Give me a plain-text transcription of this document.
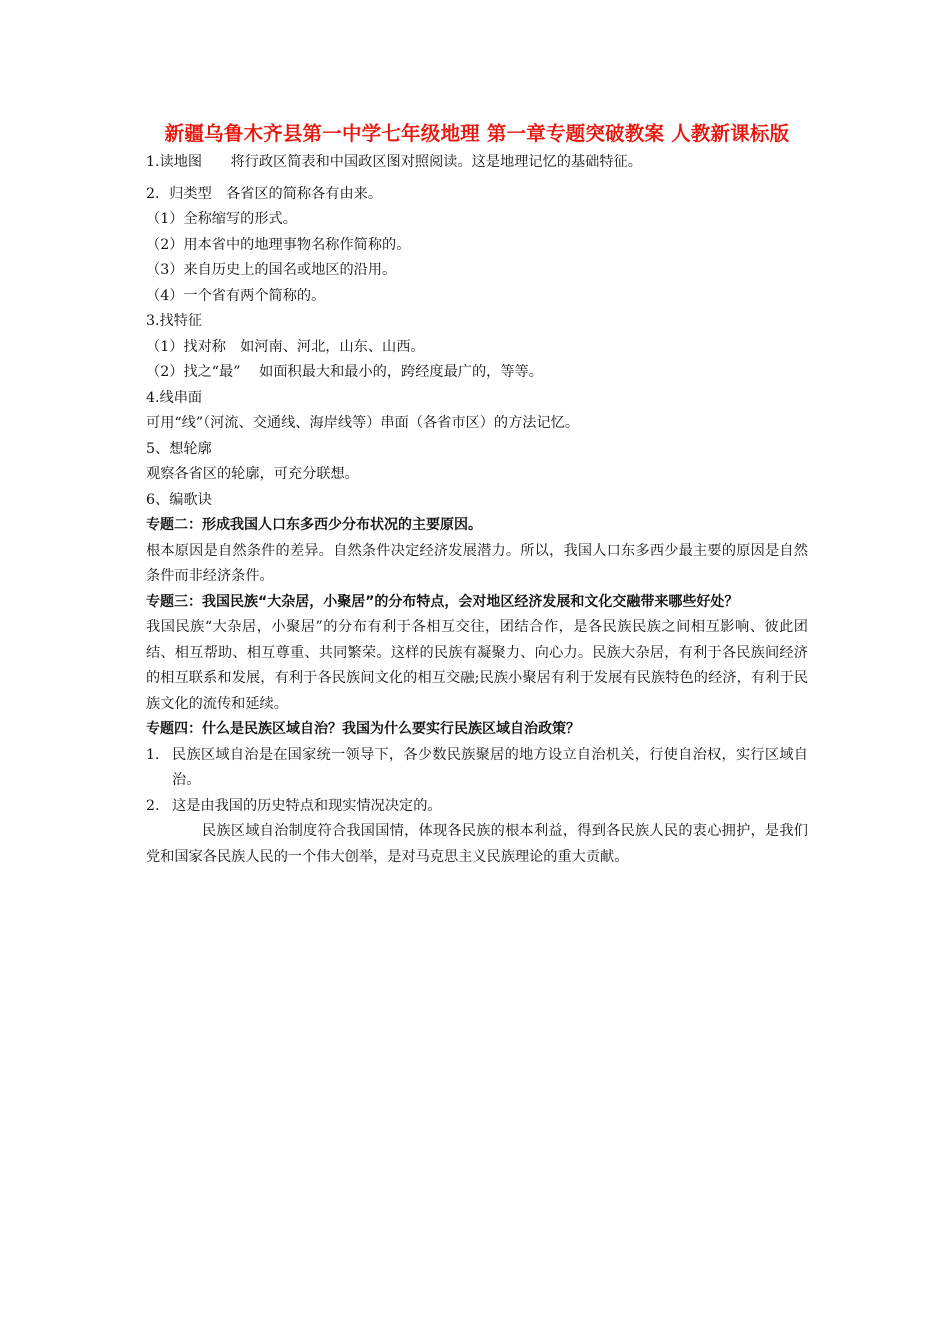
新疆乌鲁木齐县第一中学七年级地理 第一章专题突破教案 人教新课标版

1.读地图　　将行政区简表和中国政区图对照阅读。这是地理记忆的基础特征。

2．归类型　各省区的简称各有由来。

（1）全称缩写的形式。

（2）用本省中的地理事物名称作简称的。

（3）来自历史上的国名或地区的沿用。

（4）一个省有两个简称的。

3.找特征

（1）找对称　如河南、河北，山东、山西。

（2）找之“最”　 如面积最大和最小的，跨经度最广的，等等。

4.线串面

可用“线”（河流、交通线、海岸线等）串面（各省市区）的方法记忆。

5、想轮廓

观察各省区的轮廓，可充分联想。

6、编歌诀

专题二：形成我国人口东多西少分布状况的主要原因。

根本原因是自然条件的差异。自然条件决定经济发展潜力。所以，我国人口东多西少最主要的原因是自然条件而非经济条件。

专题三：我国民族“大杂居，小聚居”的分布特点，会对地区经济发展和文化交融带来哪些好处？

我国民族“大杂居，小聚居”的分布有利于各相互交往，团结合作，是各民族民族之间相互影响、彼此团结、相互帮助、相互尊重、共同繁荣。这样的民族有凝聚力、向心力。民族大杂居，有利于各民族间经济的相互联系和发展，有利于各民族间文化的相互交融;民族小聚居有利于发展有民族特色的经济，有利于民族文化的流传和延续。

专题四：什么是民族区域自治？我国为什么要实行民族区域自治政策？

1. 民族区域自治是在国家统一领导下，各少数民族聚居的地方设立自治机关，行使自治权，实行区域自治。
2. 这是由我国的历史特点和现实情况决定的。

民族区域自治制度符合我国国情，体现各民族的根本利益，得到各民族人民的衷心拥护，是我们党和国家各民族人民的一个伟大创举，是对马克思主义民族理论的重大贡献。
